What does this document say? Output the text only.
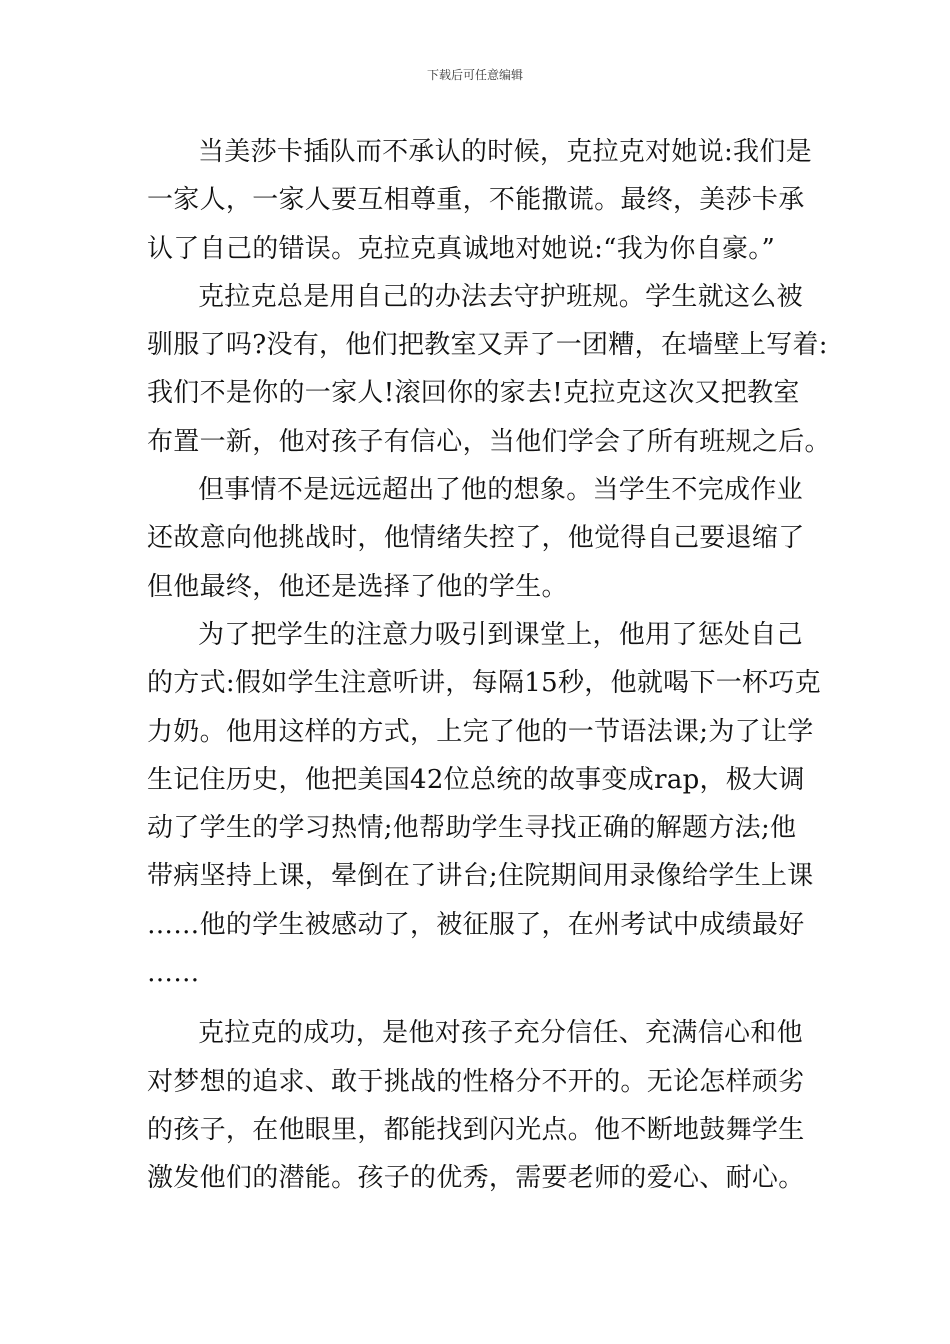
下载后可任意编辑
当美莎卡插队而不承认的时候，克拉克对她说:我们是
一家人，一家人要互相尊重，不能撒谎。最终，美莎卡承
认了自己的错误。克拉克真诚地对她说:“我为你自豪。”
克拉克总是用自己的办法去守护班规。学生就这么被
驯服了吗?没有，他们把教室又弄了一团糟，在墙壁上写着:
我们不是你的一家人!滚回你的家去!克拉克这次又把教室
布置一新，他对孩子有信心，当他们学会了所有班规之后。
但事情不是远远超出了他的想象。当学生不完成作业
还故意向他挑战时，他情绪失控了，他觉得自己要退缩了
但他最终，他还是选择了他的学生。
为了把学生的注意力吸引到课堂上，他用了惩处自己
的方式:假如学生注意听讲，每隔15秒，他就喝下一杯巧克
力奶。他用这样的方式，上完了他的一节语法课;为了让学
生记住历史，他把美国42位总统的故事变成rap，极大调
动了学生的学习热情;他帮助学生寻找正确的解题方法;他
带病坚持上课，晕倒在了讲台;住院期间用录像给学生上课
……他的学生被感动了，被征服了，在州考试中成绩最好
……
克拉克的成功，是他对孩子充分信任、充满信心和他
对梦想的追求、敢于挑战的性格分不开的。无论怎样顽劣
的孩子，在他眼里，都能找到闪光点。他不断地鼓舞学生
激发他们的潜能。孩子的优秀，需要老师的爱心、耐心。
